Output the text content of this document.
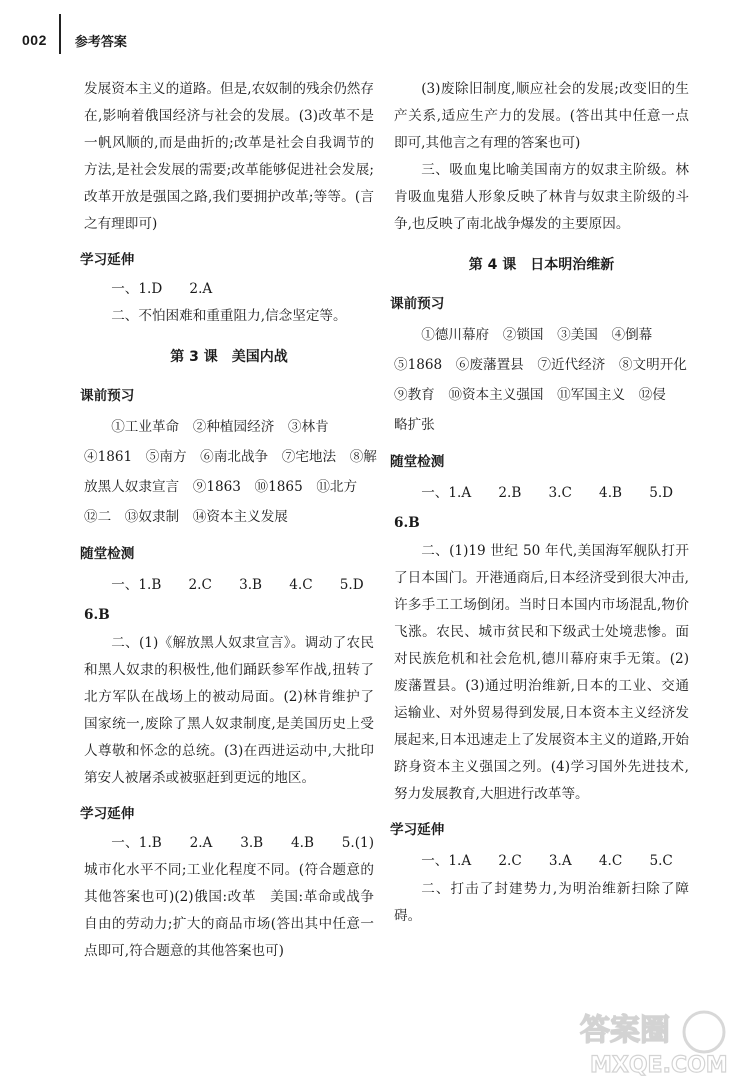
002 参考答案

发展资本主义的道路。但是,农奴制的残余仍然存在,影响着俄国经济与社会的发展。(3)改革不是一帆风顺的,而是曲折的;改革是社会自我调节的方法,是社会发展的需要;改革能够促进社会发展;改革开放是强国之路,我们要拥护改革;等等。(言之有理即可)

学习延伸

一、1.D　　2.A

二、不怕困难和重重阻力,信念坚定等。

第 3 课　美国内战
课前预习
①工业革命　②种植园经济　③林肯
④1861　⑤南方　⑥南北战争　⑦宅地法　⑧解
放黑人奴隶宣言　⑨1863　⑩1865　⑪北方
⑫二　⑬奴隶制　⑭资本主义发展
随堂检测
一、1.B　　2.C　　3.B　　4.C　　5.D
6.B

二、(1)《解放黑人奴隶宣言》。调动了农民和黑人奴隶的积极性,他们踊跃参军作战,扭转了北方军队在战场上的被动局面。(2)林肯维护了国家统一,废除了黑人奴隶制度,是美国历史上受人尊敬和怀念的总统。(3)在西进运动中,大批印第安人被屠杀或被驱赶到更远的地区。

学习延伸

一、1.B　　2.A　　3.B　　4.B　　5.(1)城市化水平不同;工业化程度不同。(符合题意的其他答案也可)(2)俄国:改革　美国:革命或战争　自由的劳动力;扩大的商品市场(答出其中任意一点即可,符合题意的其他答案也可)

(3)废除旧制度,顺应社会的发展;改变旧的生产关系,适应生产力的发展。(答出其中任意一点即可,其他言之有理的答案也可)

三、吸血鬼比喻美国南方的奴隶主阶级。林肯吸血鬼猎人形象反映了林肯与奴隶主阶级的斗争,也反映了南北战争爆发的主要原因。

第 4 课　日本明治维新
课前预习
①德川幕府　②锁国　③美国　④倒幕
⑤1868　⑥废藩置县　⑦近代经济　⑧文明开化
⑨教育　⑩资本主义强国　⑪军国主义　⑫侵
略扩张
随堂检测
一、1.A　　2.B　　3.C　　4.B　　5.D
6.B

二、(1)19 世纪 50 年代,美国海军舰队打开了日本国门。开港通商后,日本经济受到很大冲击,许多手工工场倒闭。当时日本国内市场混乱,物价飞涨。农民、城市贫民和下级武士处境悲惨。面对民族危机和社会危机,德川幕府束手无策。(2)废藩置县。(3)通过明治维新,日本的工业、交通运输业、对外贸易得到发展,日本资本主义经济发展起来,日本迅速走上了发展资本主义的道路,开始跻身资本主义强国之列。(4)学习国外先进技术,努力发展教育,大胆进行改革等。

学习延伸
一、1.A　　2.C　　3.A　　4.C　　5.C

二、打击了封建势力,为明治维新扫除了障碍。

答案圈
MXQE.COM
